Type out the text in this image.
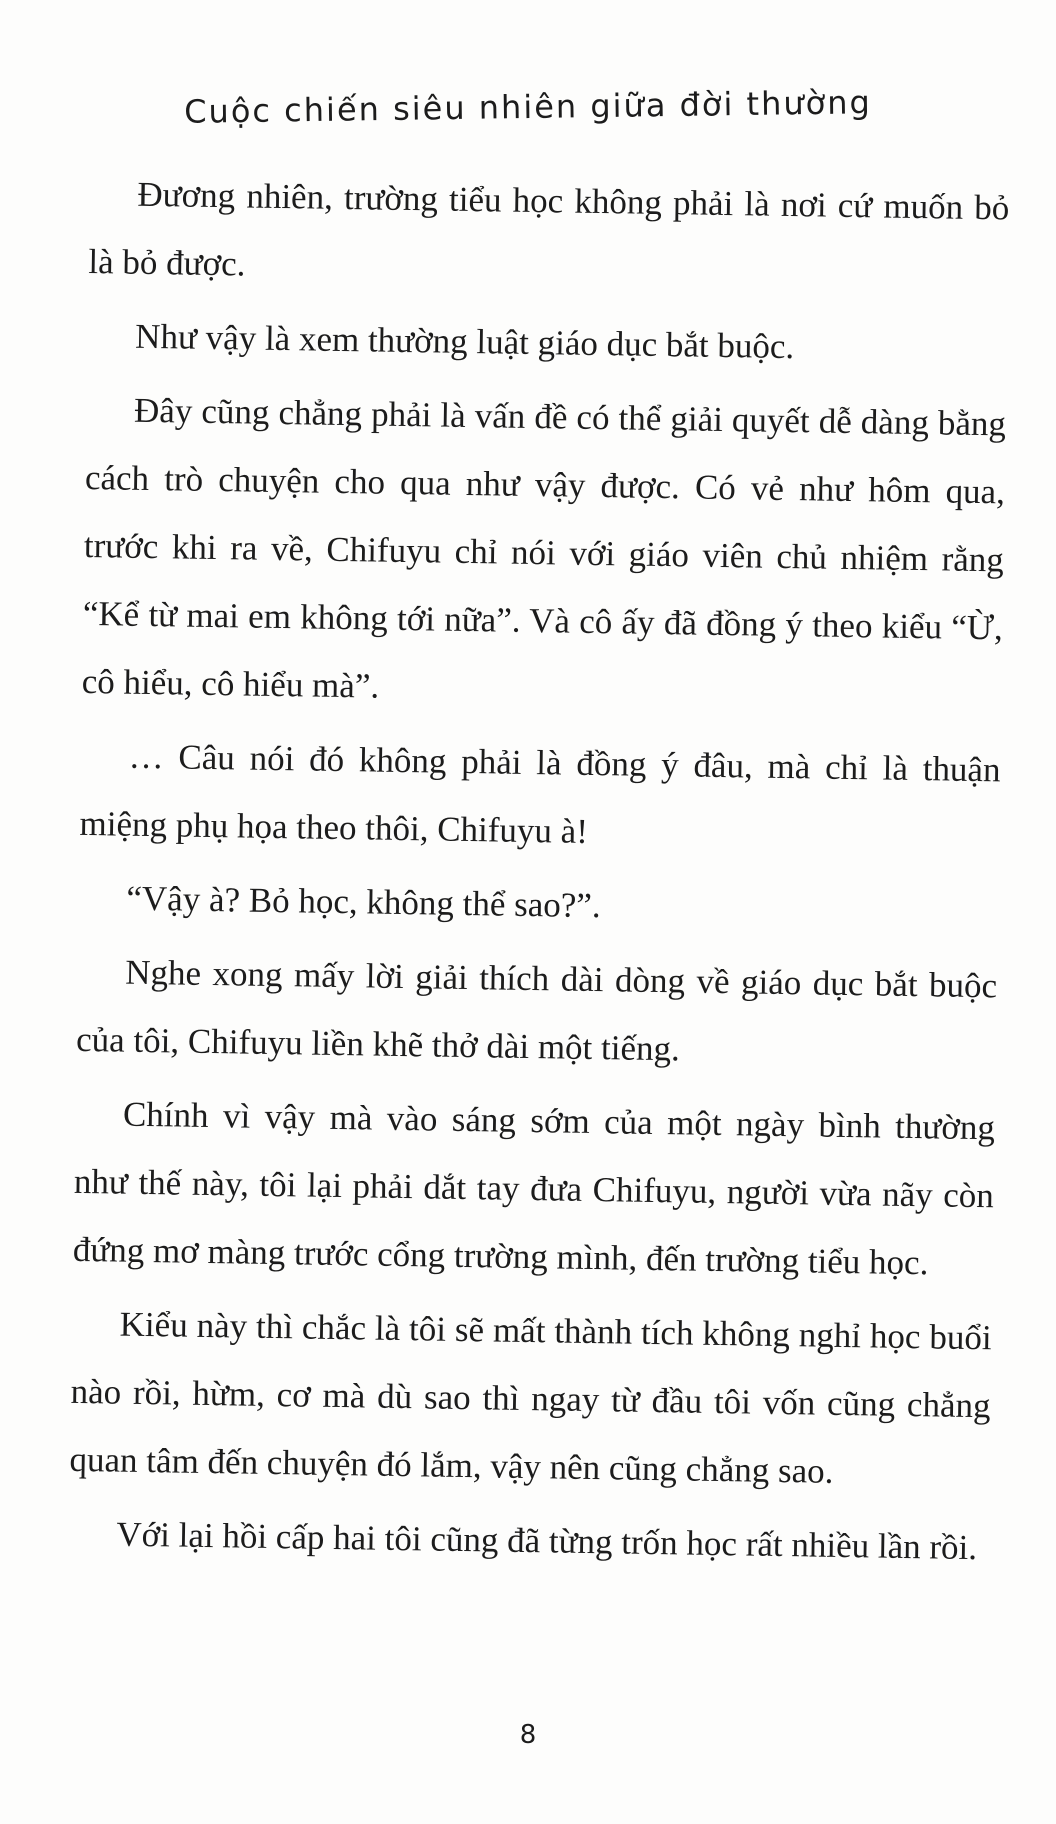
Cuộc chiến siêu nhiên giữa đời thường

Đương nhiên, trường tiểu học không phải là nơi cứ muốn bỏ là bỏ được.

Như vậy là xem thường luật giáo dục bắt buộc.

Đây cũng chẳng phải là vấn đề có thể giải quyết dễ dàng bằng cách trò chuyện cho qua như vậy được. Có vẻ như hôm qua, trước khi ra về, Chifuyu chỉ nói với giáo viên chủ nhiệm rằng “Kể từ mai em không tới nữa”. Và cô ấy đã đồng ý theo kiểu “Ừ, cô hiểu, cô hiểu mà”.

… Câu nói đó không phải là đồng ý đâu, mà chỉ là thuận miệng phụ họa theo thôi, Chifuyu à!

“Vậy à? Bỏ học, không thể sao?”.

Nghe xong mấy lời giải thích dài dòng về giáo dục bắt buộc của tôi, Chifuyu liền khẽ thở dài một tiếng.

Chính vì vậy mà vào sáng sớm của một ngày bình thường như thế này, tôi lại phải dắt tay đưa Chifuyu, người vừa nãy còn đứng mơ màng trước cổng trường mình, đến trường tiểu học.

Kiểu này thì chắc là tôi sẽ mất thành tích không nghỉ học buổi nào rồi, hừm, cơ mà dù sao thì ngay từ đầu tôi vốn cũng chẳng quan tâm đến chuyện đó lắm, vậy nên cũng chẳng sao.

Với lại hồi cấp hai tôi cũng đã từng trốn học rất nhiều lần rồi.

8
